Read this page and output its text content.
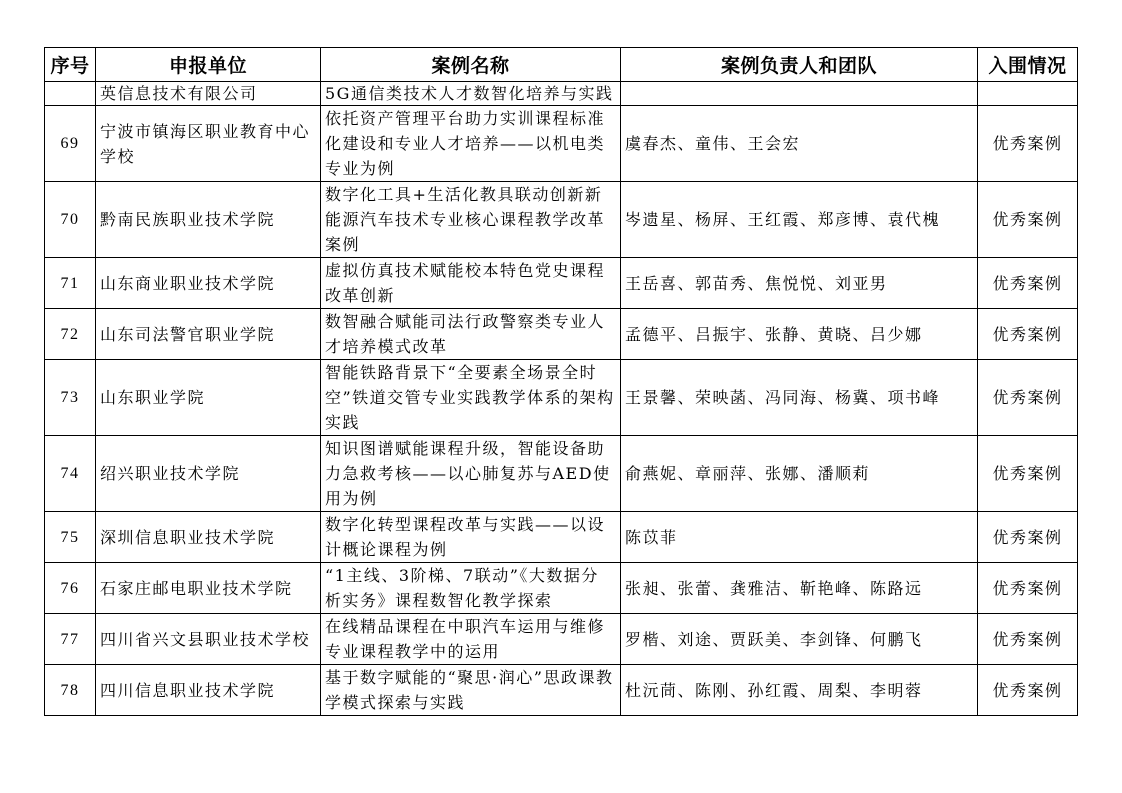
序号	申报单位	案例名称	案例负责人和团队	入围情况
	英信息技术有限公司	5G通信类技术人才数智化培养与实践		
69	宁波市镇海区职业教育中心学校	依托资产管理平台助力实训课程标准化建设和专业人才培养——以机电类专业为例	虞春杰、童伟、王会宏	优秀案例
70	黔南民族职业技术学院	数字化工具+生活化教具联动创新新能源汽车技术专业核心课程教学改革案例	岑遗星、杨屏、王红霞、郑彦博、袁代槐	优秀案例
71	山东商业职业技术学院	虚拟仿真技术赋能校本特色党史课程改革创新	王岳喜、郭苗秀、焦悦悦、刘亚男	优秀案例
72	山东司法警官职业学院	数智融合赋能司法行政警察类专业人才培养模式改革	孟德平、吕振宇、张静、黄晓、吕少娜	优秀案例
73	山东职业学院	智能铁路背景下“全要素全场景全时空”铁道交管专业实践教学体系的架构实践	王景馨、荣映菡、冯同海、杨冀、项书峰	优秀案例
74	绍兴职业技术学院	知识图谱赋能课程升级，智能设备助力急救考核——以心肺复苏与AED使用为例	俞燕妮、章丽萍、张娜、潘顺莉	优秀案例
75	深圳信息职业技术学院	数字化转型课程改革与实践——以设计概论课程为例	陈苡菲	优秀案例
76	石家庄邮电职业技术学院	“1主线、3阶梯、7联动”《大数据分析实务》课程数智化教学探索	张昶、张蕾、龚雅洁、靳艳峰、陈路远	优秀案例
77	四川省兴文县职业技术学校	在线精品课程在中职汽车运用与维修专业课程教学中的运用	罗楷、刘途、贾跃美、李剑锋、何鹏飞	优秀案例
78	四川信息职业技术学院	基于数字赋能的“聚思·润心”思政课教学模式探索与实践	杜沅茼、陈刚、孙红霞、周梨、李明蓉	优秀案例
